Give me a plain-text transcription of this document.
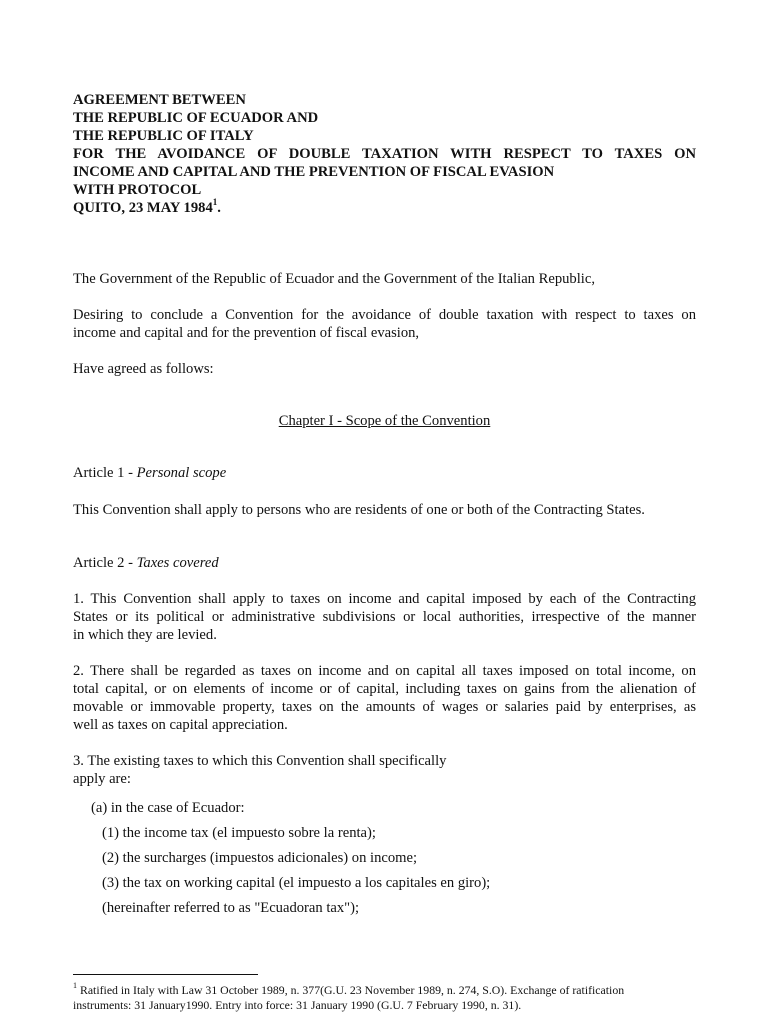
AGREEMENT BETWEEN
THE REPUBLIC OF ECUADOR AND
THE REPUBLIC OF ITALY
FOR THE AVOIDANCE OF DOUBLE TAXATION WITH RESPECT TO TAXES ON
INCOME AND CAPITAL AND THE PREVENTION OF FISCAL EVASION
WITH PROTOCOL
QUITO, 23 MAY 1984$^1$.

The Government of the Republic of Ecuador and the Government of the Italian Republic,

Desiring to conclude a Convention for the avoidance of double taxation with respect to taxes on
income and capital and for the prevention of fiscal evasion,

Have agreed as follows:

Chapter I - Scope of the Convention

Article 1 - Personal scope

This Convention shall apply to persons who are residents of one or both of the Contracting States.

Article 2 - Taxes covered

1. This Convention shall apply to taxes on income and capital imposed by each of the Contracting
States or its political or administrative subdivisions or local authorities, irrespective of the manner
in which they are levied.

2. There shall be regarded as taxes on income and on capital all taxes imposed on total income, on
total capital, or on elements of income or of capital, including taxes on gains from the alienation of
movable or immovable property, taxes on the amounts of wages or salaries paid by enterprises, as
well as taxes on capital appreciation.

3. The existing taxes to which this Convention shall specifically
apply are:

(a) in the case of Ecuador:

(1) the income tax (el impuesto sobre la renta);

(2) the surcharges (impuestos adicionales) on income;

(3) the tax on working capital (el impuesto a los capitales en giro);

(hereinafter referred to as "Ecuadoran tax");

$^1$ Ratified in Italy with Law 31 October 1989, n. 377(G.U. 23 November 1989, n. 274, S.O). Exchange of ratification
instruments: 31 January1990. Entry into force: 31 January 1990 (G.U. 7 February 1990, n. 31).
